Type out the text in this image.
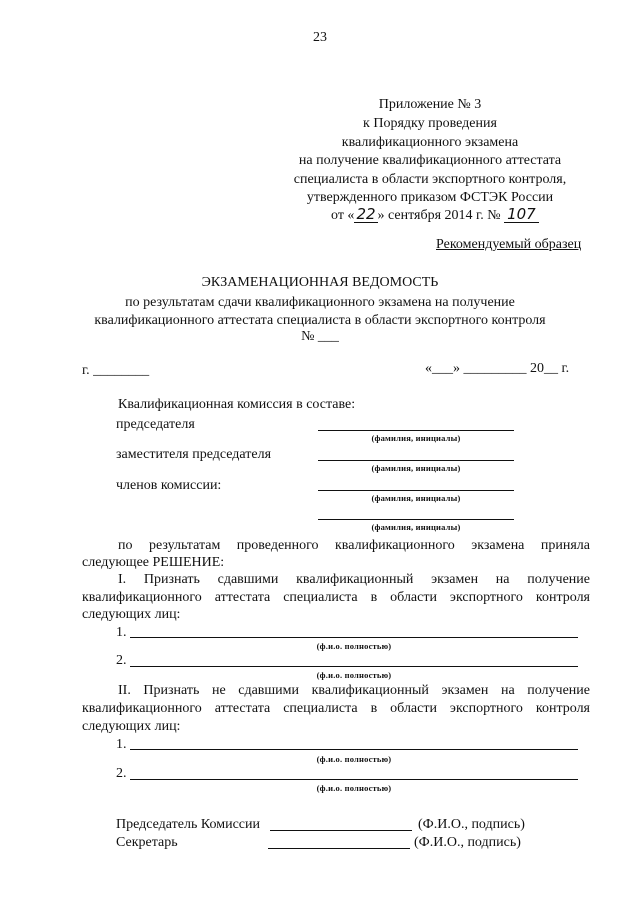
23
Приложение № 3
к Порядку проведения
квалификационного экзамена
на получение квалификационного аттестата
специалиста в области экспортного контроля,
утвержденного приказом ФСТЭК России
от « 22 » сентября 2014 г. № 107
Рекомендуемый образец
ЭКЗАМЕНАЦИОННАЯ ВЕДОМОСТЬ
по результатам сдачи квалификационного экзамена на получение
квалификационного аттестата специалиста в области экспортного контроля
№ ___
г. ________	«___» _________ 20__ г.
Квалификационная комиссия в составе:
председателя
(фамилия, инициалы)
заместителя председателя
(фамилия, инициалы)
членов комиссии:
(фамилия, инициалы)
(фамилия, инициалы)
по результатам проведенного квалификационного экзамена приняла
следующее РЕШЕНИЕ:
I. Признать сдавшими квалификационный экзамен на получение
квалификационного аттестата специалиста в области экспортного контроля
следующих лиц:
1.
(ф.и.о. полностью)
2.
(ф.и.о. полностью)
II. Признать не сдавшими квалификационный экзамен на получение
квалификационного аттестата специалиста в области экспортного контроля
следующих лиц:
1.
(ф.и.о. полностью)
2.
(ф.и.о. полностью)
Председатель Комиссии	(Ф.И.О., подпись)
Секретарь	(Ф.И.О., подпись)
